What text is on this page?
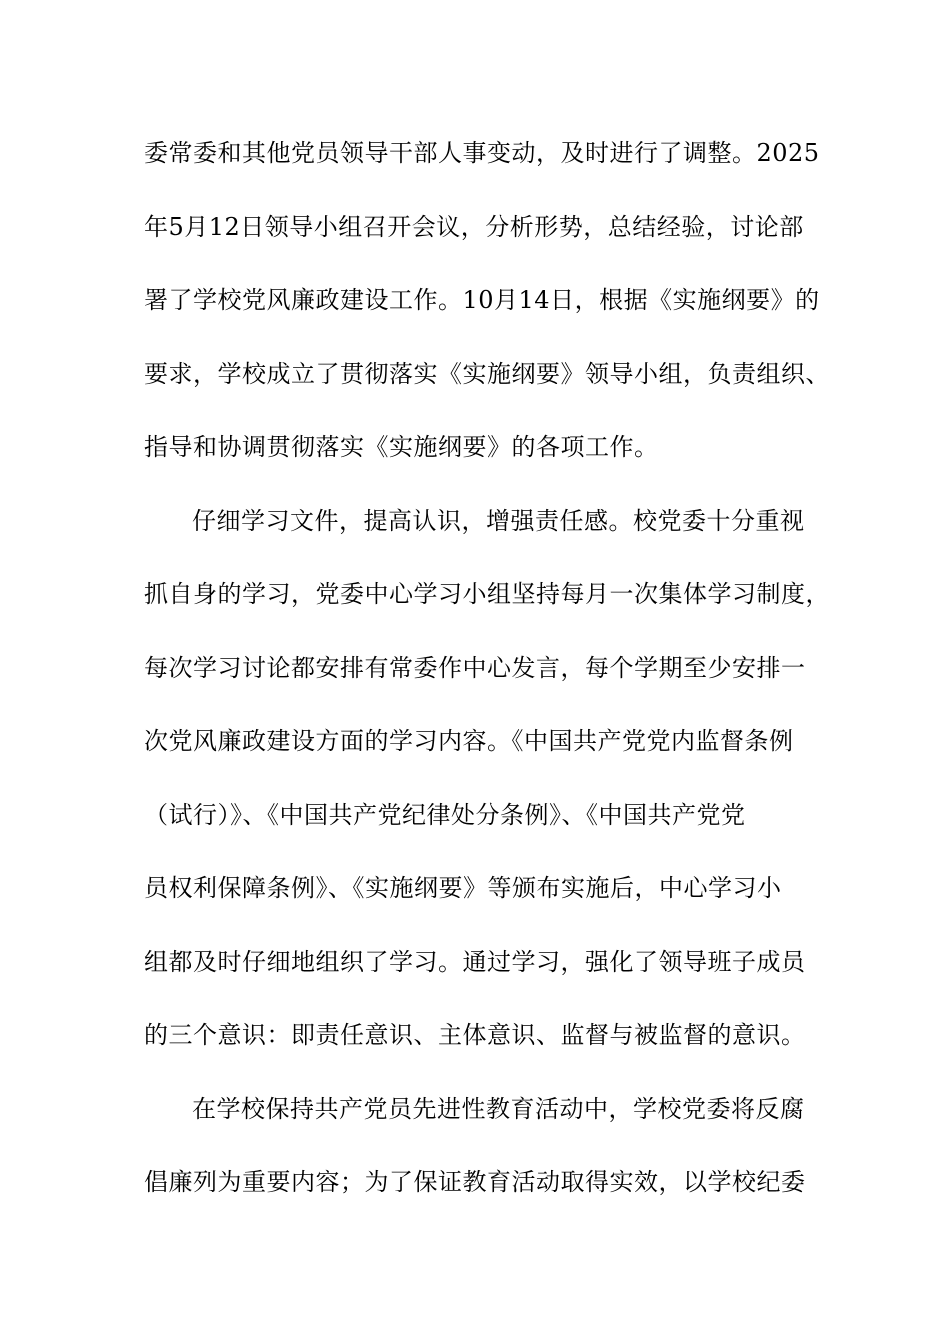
委常委和其他党员领导干部人事变动，及时进行了调整。2025
年5月12日领导小组召开会议，分析形势，总结经验，讨论部
署了学校党风廉政建设工作。10月14日，根据《实施纲要》的
要求，学校成立了贯彻落实《实施纲要》领导小组，负责组织、
指导和协调贯彻落实《实施纲要》的各项工作。
仔细学习文件，提高认识，增强责任感。校党委十分重视
抓自身的学习，党委中心学习小组坚持每月一次集体学习制度，
每次学习讨论都安排有常委作中心发言，每个学期至少安排一
次党风廉政建设方面的学习内容。《中国共产党党内监督条例
（试行）》、《中国共产党纪律处分条例》、《中国共产党党
员权利保障条例》、《实施纲要》等颁布实施后，中心学习小
组都及时仔细地组织了学习。通过学习，强化了领导班子成员
的三个意识：即责任意识、主体意识、监督与被监督的意识。
在学校保持共产党员先进性教育活动中，学校党委将反腐
倡廉列为重要内容；为了保证教育活动取得实效，以学校纪委
